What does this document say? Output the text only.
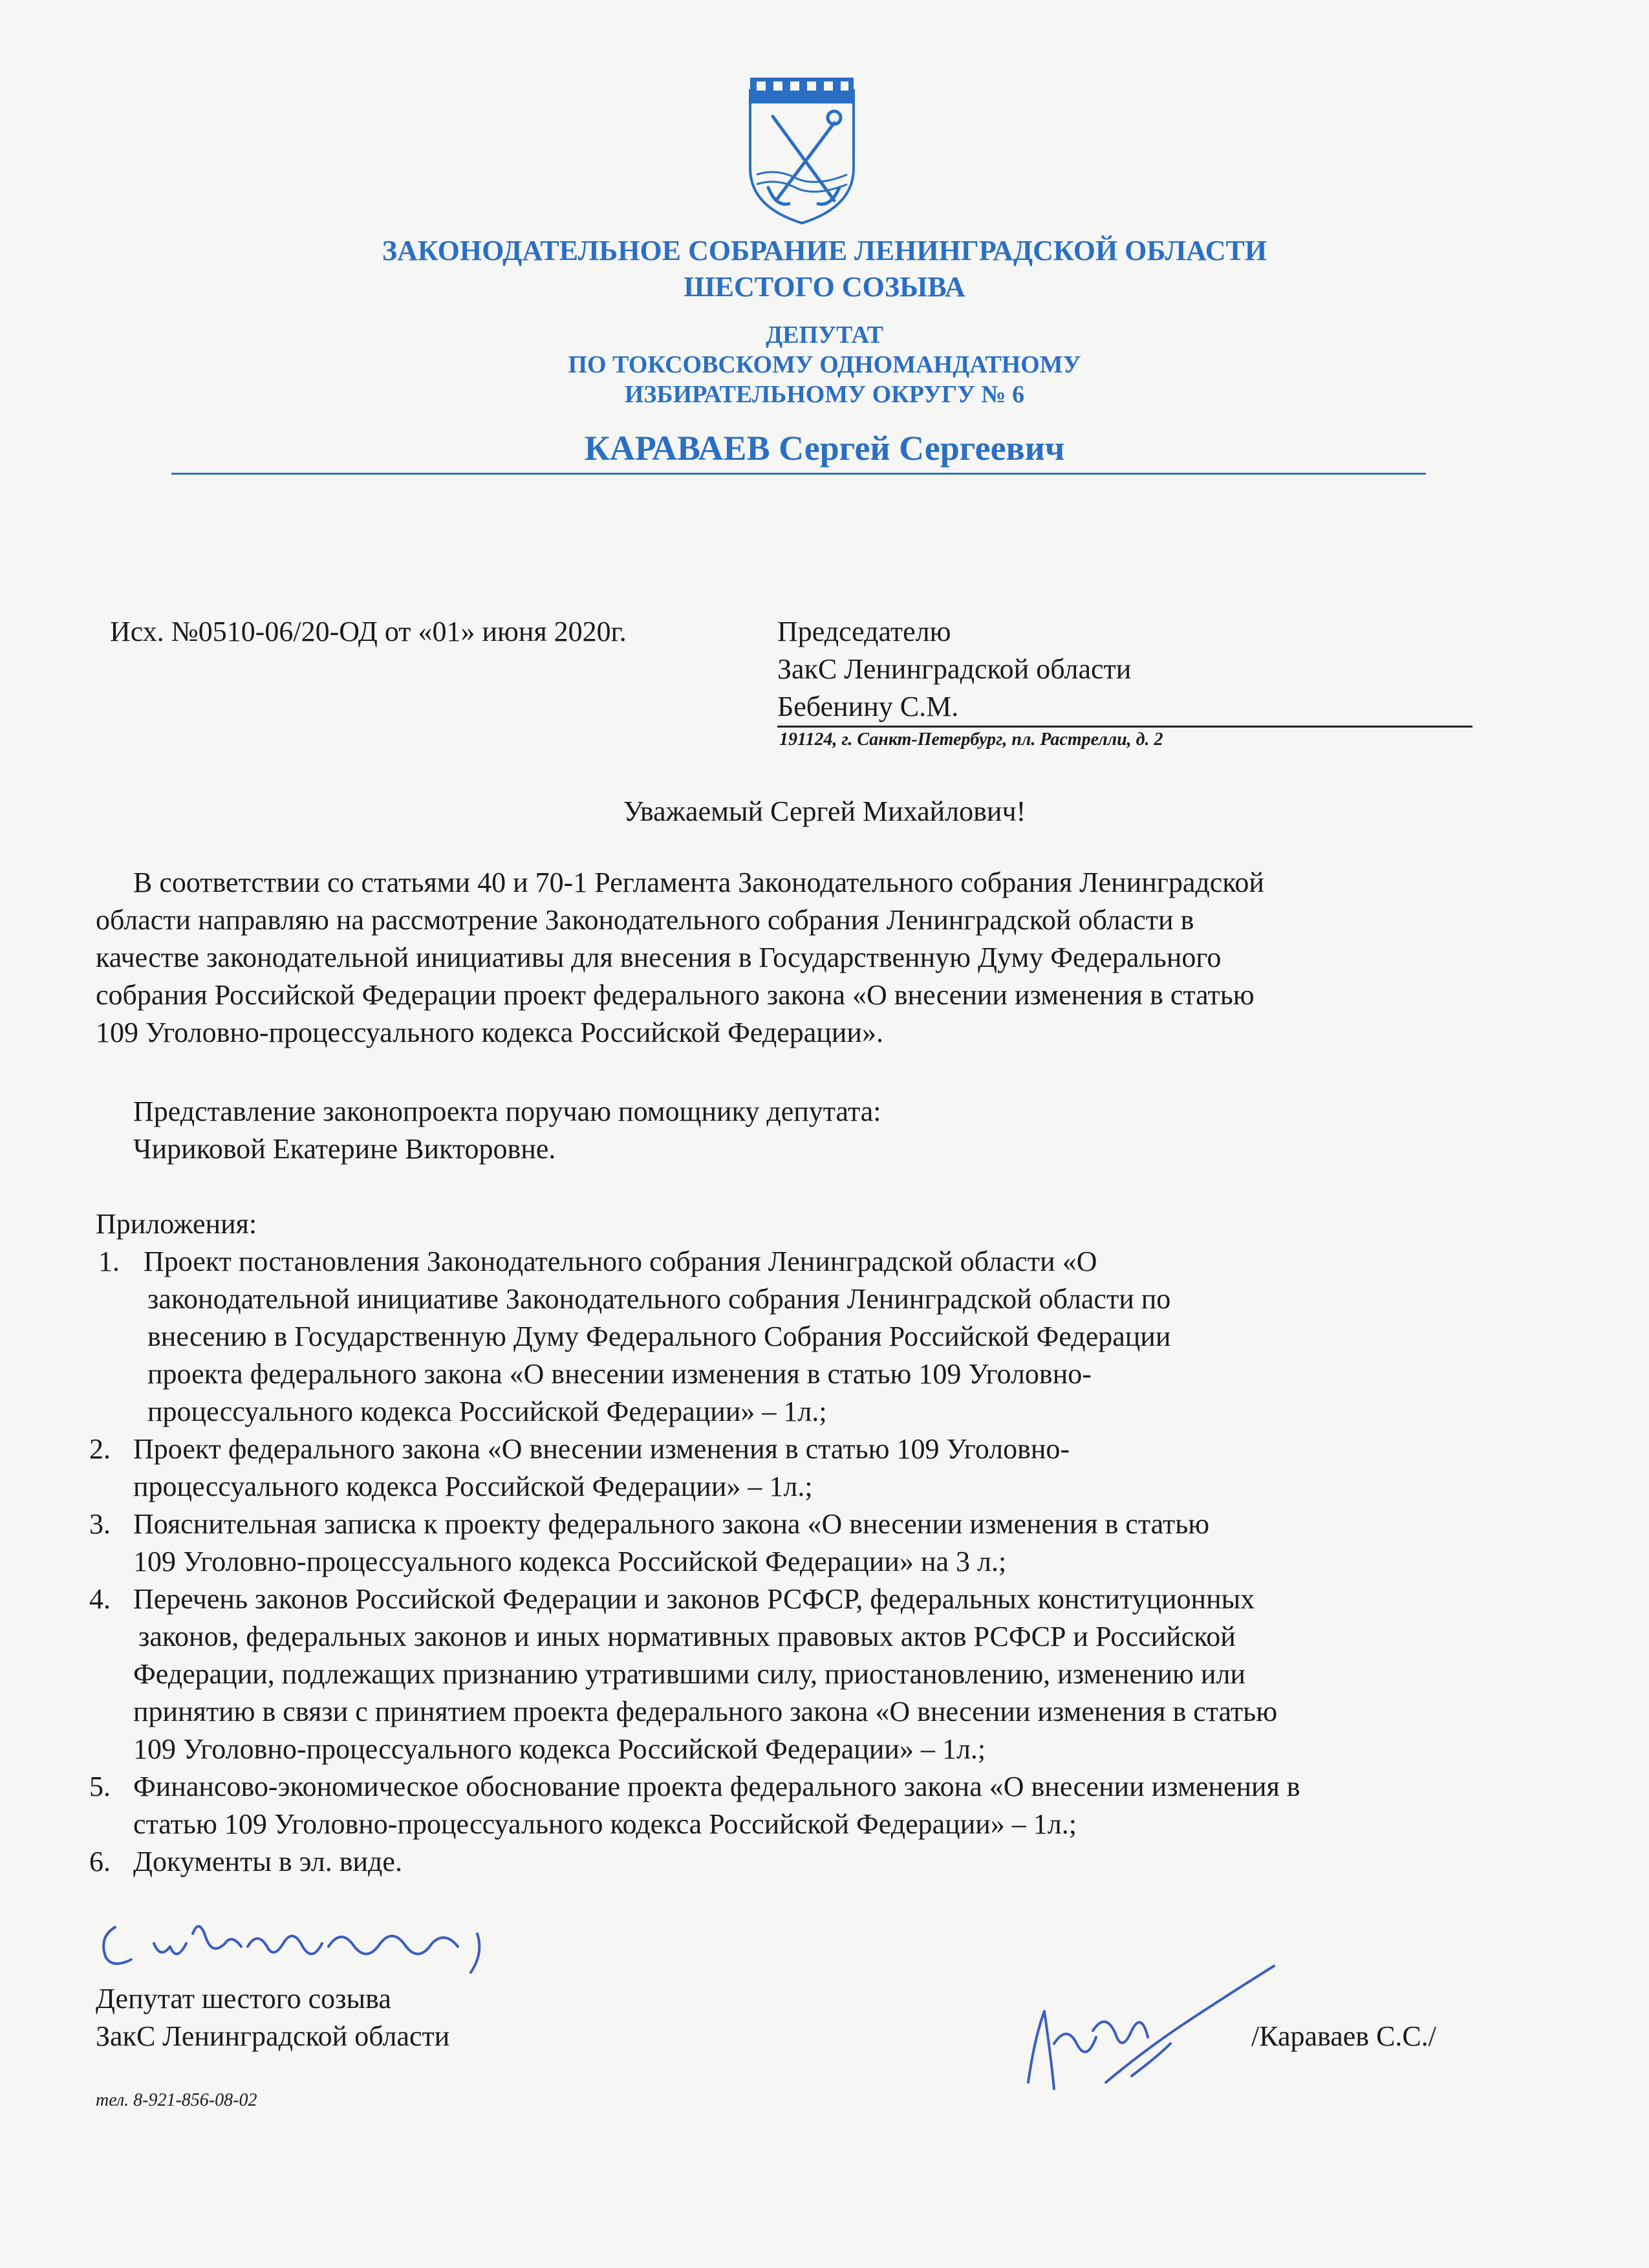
ЗАКОНОДАТЕЛЬНОЕ СОБРАНИЕ ЛЕНИНГРАДСКОЙ ОБЛАСТИ
ШЕСТОГО СОЗЫВА
ДЕПУТАТ
ПО ТОКСОВСКОМУ ОДНОМАНДАТНОМУ
ИЗБИРАТЕЛЬНОМУ ОКРУГУ № 6
КАРАВАЕВ Сергей Сергеевич
Исх. №0510-06/20-ОД от «01» июня 2020г.	Председателю
ЗакС Ленинградской области
Бебенину С.М.
191124, г. Санкт-Петербург, пл. Растрелли, д. 2
Уважаемый Сергей Михайлович!
В соответствии со статьями 40 и 70-1 Регламента Законодательного собрания Ленинградской
области направляю на рассмотрение Законодательного собрания Ленинградской области в
качестве законодательной инициативы для внесения в Государственную Думу Федерального
собрания Российской Федерации проект федерального закона «О внесении изменения в статью
109 Уголовно-процессуального кодекса Российской Федерации».
Представление законопроекта поручаю помощнику депутата:
Чириковой Екатерине Викторовне.
Приложения:
1. Проект постановления Законодательного собрания Ленинградской области «О
законодательной инициативе Законодательного собрания Ленинградской области по
внесению в Государственную Думу Федерального Собрания Российской Федерации
проекта федерального закона «О внесении изменения в статью 109 Уголовно-
процессуального кодекса Российской Федерации» – 1л.;
2. Проект федерального закона «О внесении изменения в статью 109 Уголовно-
процессуального кодекса Российской Федерации» – 1л.;
3. Пояснительная записка к проекту федерального закона «О внесении изменения в статью
109 Уголовно-процессуального кодекса Российской Федерации» на 3 л.;
4. Перечень законов Российской Федерации и законов РСФСР, федеральных конституционных
законов, федеральных законов и иных нормативных правовых актов РСФСР и Российской
Федерации, подлежащих признанию утратившими силу, приостановлению, изменению или
принятию в связи с принятием проекта федерального закона «О внесении изменения в статью
109 Уголовно-процессуального кодекса Российской Федерации» – 1л.;
5. Финансово-экономическое обоснование проекта федерального закона «О внесении изменения в
статью 109 Уголовно-процессуального кодекса Российской Федерации» – 1л.;
6. Документы в эл. виде.
Депутат шестого созыва
ЗакС Ленинградской области	/Караваев С.С./
тел. 8-921-856-08-02
